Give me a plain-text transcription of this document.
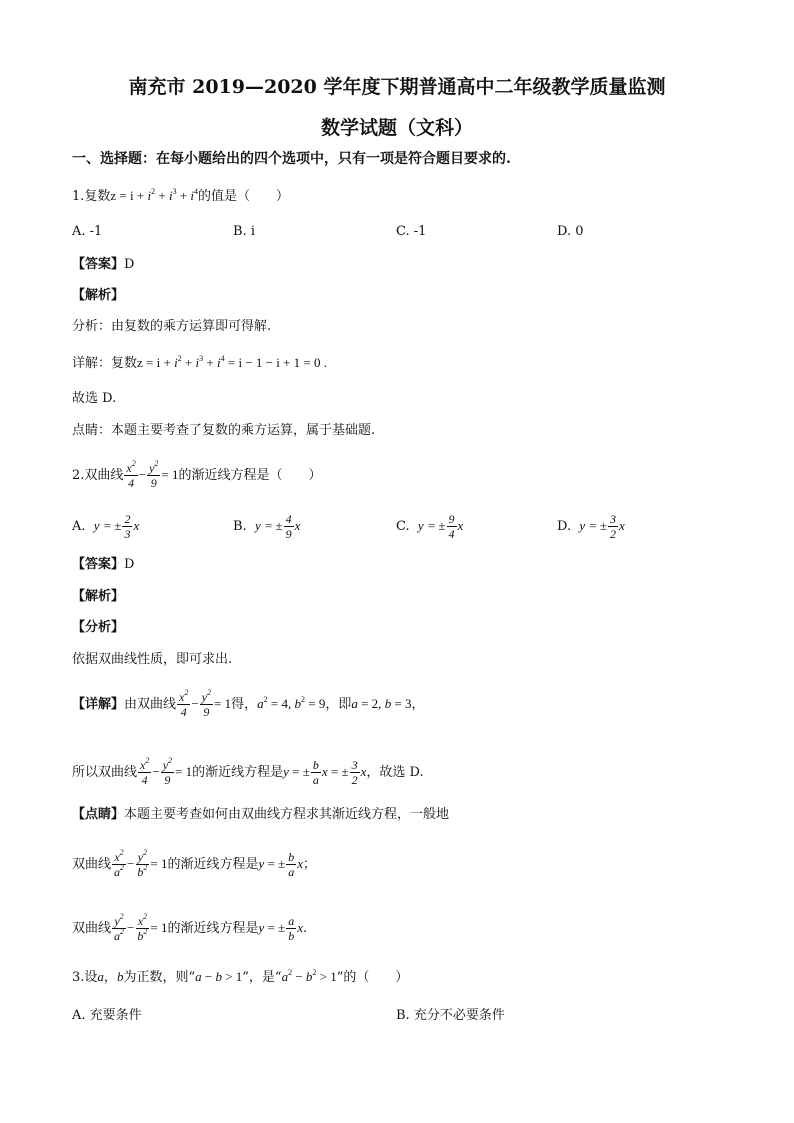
南充市 2019—2020 学年度下期普通高中二年级教学质量监测
数学试题（文科）
一、选择题：在每小题给出的四个选项中，只有一项是符合题目要求的.
1.复数$z = i + i^2 + i^3 + i^4$的值是（　　）
A. -1	B. i	C. -1	D. 0
【答案】D
【解析】
分析：由复数的乘方运算即可得解.
详解：复数$z = i + i^2 + i^3 + i^4 = i - 1 - i + 1 = 0$ .
故选 D.
点睛：本题主要考查了复数的乘方运算，属于基础题.
2.双曲线 $\frac{x^2}{4} - \frac{y^2}{9} = 1$的渐近线方程是（　　）
A. y = ± $\frac{2}{3}$ x	B. y = ± $\frac{4}{9}$ x	C. y = ± $\frac{9}{4}$ x	D. y = ± $\frac{3}{2}$ x
【答案】D
【解析】
【分析】
依据双曲线性质，即可求出.
【详解】由双曲线 $\frac{x^2}{4} - \frac{y^2}{9} = 1$得，$a^2 = 4$, $b^2 = 9$，即a = 2, b = 3，
所以双曲线 $\frac{x^2}{4} - \frac{y^2}{9} = 1$的渐近线方程是y = ± $\frac{b}{a}$ x = ± $\frac{3}{2}$ x，故选 D.
【点睛】本题主要考查如何由双曲线方程求其渐近线方程，一般地
双曲线 $\frac{x^2}{a^2} - \frac{y^2}{b^2} = 1$的渐近线方程是y = ± $\frac{b}{a}$ x；
双曲线 $\frac{y^2}{a^2} - \frac{x^2}{b^2} = 1$的渐近线方程是y = ± $\frac{a}{b} x$.
3.设a，b为正数，则“a − b > 1”，是“$a^2 - b^2 > 1$”的（　　）
A. 充要条件	B. 充分不必要条件
